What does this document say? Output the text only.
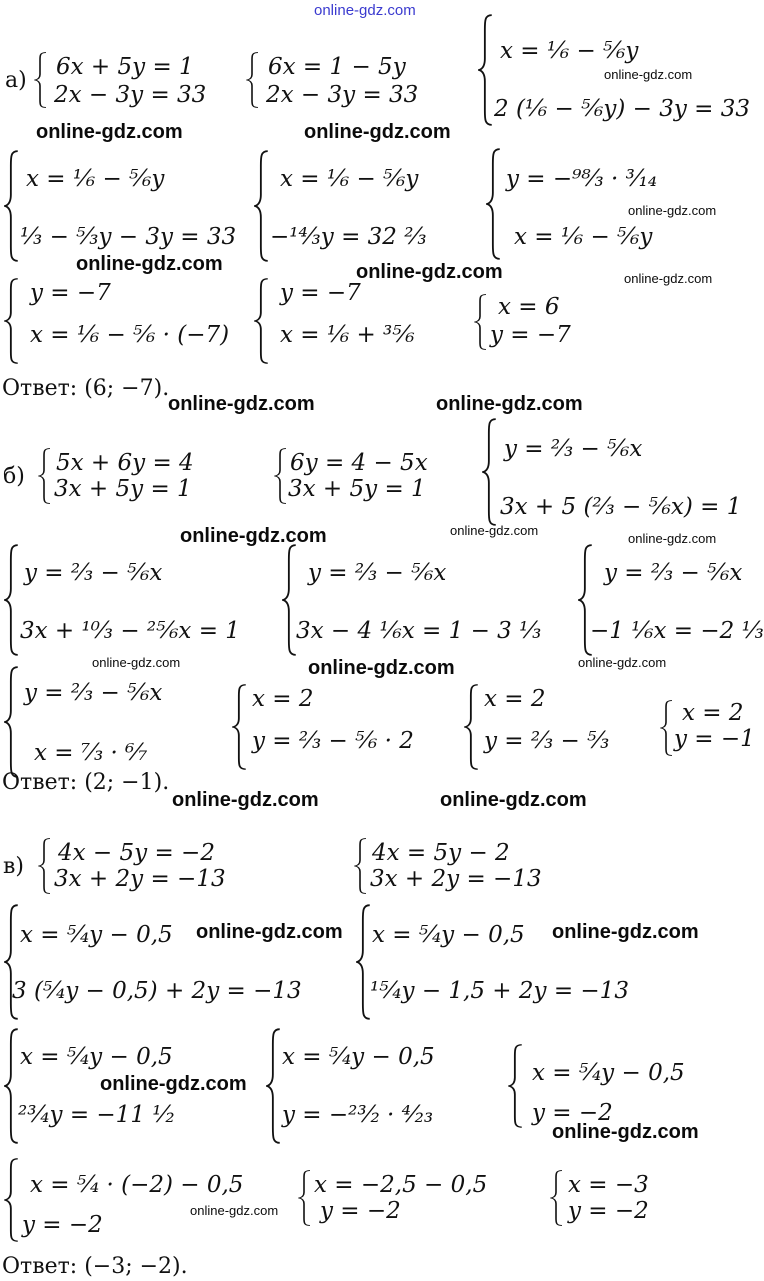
online-gdz.com
а)
6x + 5y = 1
2x − 3y = 33
6x = 1 − 5y
2x − 3y = 33
x = ¹⁄₆ − ⁵⁄₆y
2 (¹⁄₆ − ⁵⁄₆y) − 3y = 33
x = ¹⁄₆ − ⁵⁄₆y
¹⁄₃ − ⁵⁄₃y − 3y = 33
x = ¹⁄₆ − ⁵⁄₆y
−¹⁴⁄₃y = 32 ²⁄₃
y = −⁹⁸⁄₃ · ³⁄₁₄
x = ¹⁄₆ − ⁵⁄₆y
y = −7
x = ¹⁄₆ − ⁵⁄₆ · (−7)
y = −7
x = ¹⁄₆ + ³⁵⁄₆
x = 6
y = −7
Ответ: (6; −7).
б)
5x + 6y = 4
3x + 5y = 1
6y = 4 − 5x
3x + 5y = 1
y = ²⁄₃ − ⁵⁄₆x
3x + 5 (²⁄₃ − ⁵⁄₆x) = 1
y = ²⁄₃ − ⁵⁄₆x
3x + ¹⁰⁄₃ − ²⁵⁄₆x = 1
y = ²⁄₃ − ⁵⁄₆x
3x − 4 ¹⁄₆x = 1 − 3 ¹⁄₃
y = ²⁄₃ − ⁵⁄₆x
−1 ¹⁄₆x = −2 ¹⁄₃
y = ²⁄₃ − ⁵⁄₆x
x = ⁷⁄₃ · ⁶⁄₇
x = 2
y = ²⁄₃ − ⁵⁄₆ · 2
x = 2
y = ²⁄₃ − ⁵⁄₃
x = 2
y = −1
Ответ: (2; −1).
в)
4x − 5y = −2
3x + 2y = −13
4x = 5y − 2
3x + 2y = −13
x = ⁵⁄₄y − 0,5
3 (⁵⁄₄y − 0,5) + 2y = −13
x = ⁵⁄₄y − 0,5
¹⁵⁄₄y − 1,5 + 2y = −13
x = ⁵⁄₄y − 0,5
²³⁄₄y = −11 ¹⁄₂
x = ⁵⁄₄y − 0,5
y = −²³⁄₂ · ⁴⁄₂₃
x = ⁵⁄₄y − 0,5
y = −2
x = ⁵⁄₄ · (−2) − 0,5
y = −2
x = −2,5 − 0,5
y = −2
x = −3
y = −2
Ответ: (−3; −2).
online-gdz.com	online-gdz.com
online-gdz.com
online-gdz.com	online-gdz.com
online-gdz.com
online-gdz.com
online-gdz.com	online-gdz.com
online-gdz.com	online-gdz.com
online-gdz.com
online-gdz.com	online-gdz.com	online-gdz.com
online-gdz.com	online-gdz.com
online-gdz.com	online-gdz.com
online-gdz.com
online-gdz.com
online-gdz.com
